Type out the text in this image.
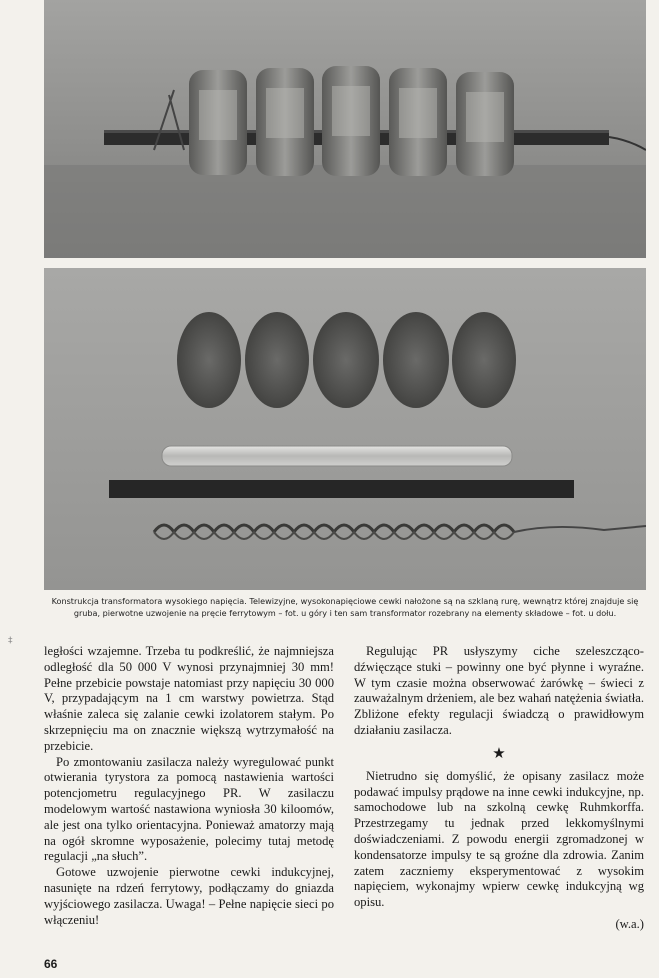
Konstrukcja transformatora wysokiego napięcia. Telewizyjne, wysokonapięciowe cewki nałożone są na szklaną rurę, wewnątrz której znajduje się gruba, pierwotne uzwojenie na pręcie ferrytowym – fot. u góry i ten sam transformator rozebrany na elementy składowe – fot. u dołu.
‡

ległości wzajemne. Trzeba tu podkreślić, że najmniejsza odległość dla 50 000 V wynosi przynajmniej 30 mm! Pełne przebicie powstaje natomiast przy napięciu 30 000 V, przypadającym na 1 cm warstwy powietrza. Stąd właśnie zaleca się zalanie cewki izolatorem stałym. Po skrzepnięciu ma on znacznie większą wytrzymałość na przebicie.

Po zmontowaniu zasilacza należy wyregulować punkt otwierania tyrystora za pomocą nastawienia wartości potencjometru regulacyjnego PR. W zasilaczu modelowym wartość nastawiona wyniosła 30 kiloomów, ale jest ona tylko orientacyjna. Ponieważ amatorzy mają na ogół skromne wyposażenie, polecimy tutaj metodę regulacji „na słuch”.

Gotowe uzwojenie pierwotne cewki indukcyjnej, nasunięte na rdzeń ferrytowy, podłączamy do gniazda wyjściowego zasilacza. Uwaga! – Pełne napięcie sieci po włączeniu!

Regulując PR usłyszymy ciche szeleszcząco-dźwięczące stuki – powinny one być płynne i wyraźne. W tym czasie można obserwować żarówkę – świeci z zauważalnym drżeniem, ale bez wahań natężenia światła. Zbliżone efekty regulacji świadczą o prawidłowym działaniu zasilacza.

★

Nietrudno się domyślić, że opisany zasilacz może podawać impulsy prądowe na inne cewki indukcyjne, np. samochodowe lub na szkolną cewkę Ruhmkorffa. Przestrzegamy tu jednak przed lekkomyślnymi doświadczeniami. Z powodu energii zgromadzonej w kondensatorze impulsy te są groźne dla zdrowia. Zanim zatem zaczniemy eksperymentować z wysokim napięciem, wykonajmy wpierw cewkę indukcyjną wg opisu.

(w.a.)
66
